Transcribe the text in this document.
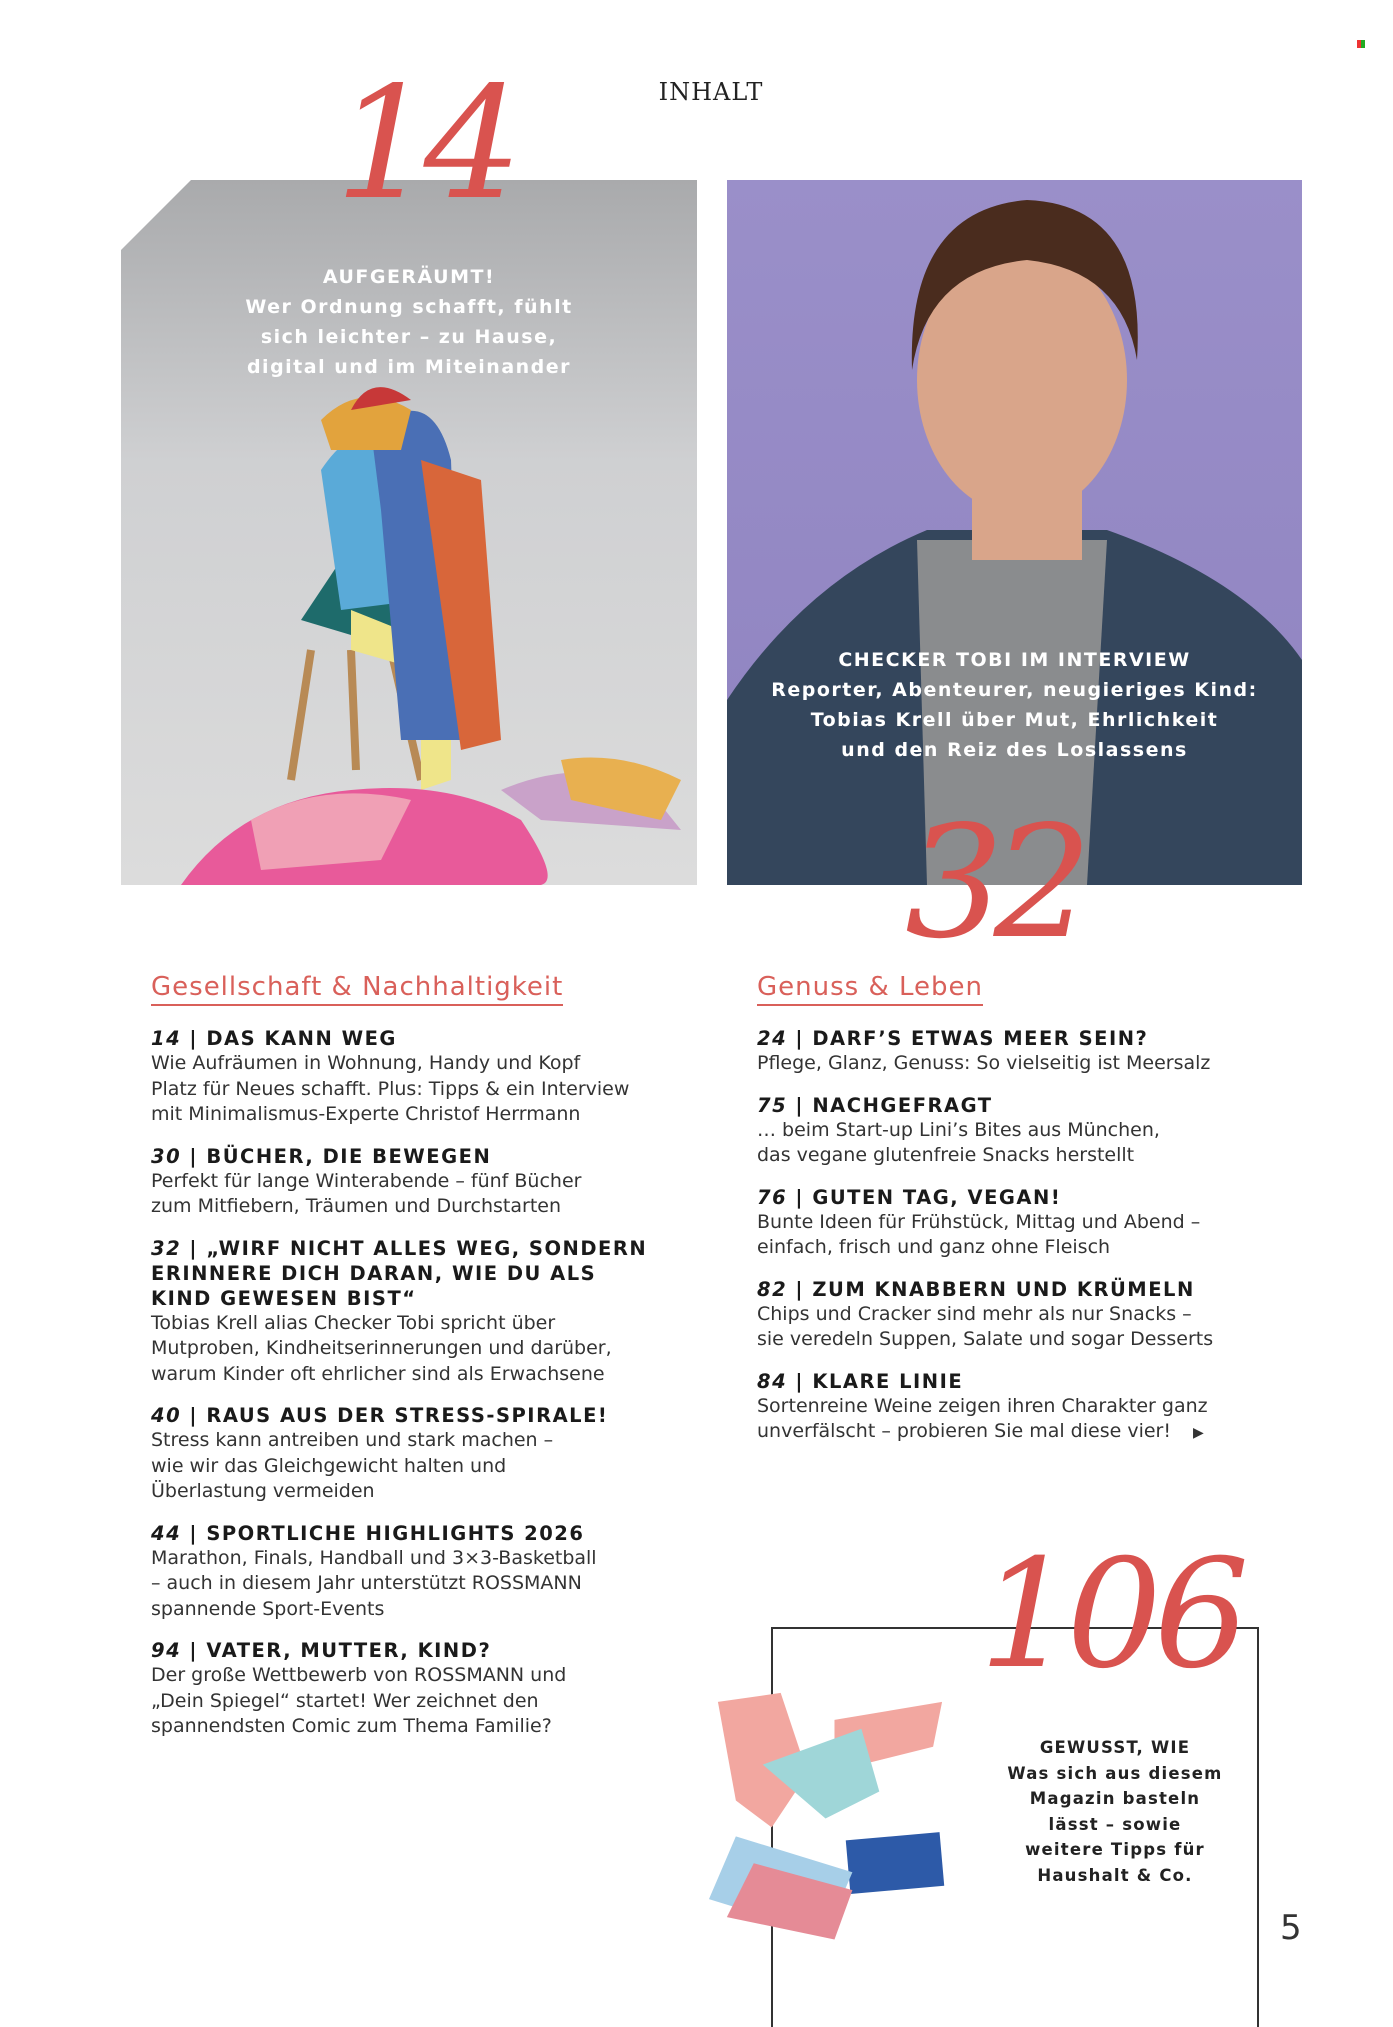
INHALT
AUFGERÄUMT!
Wer Ordnung schafft, fühlt
sich leichter – zu Hause,
digital und im Miteinander
14
CHECKER TOBI IM INTERVIEW
Reporter, Abenteurer, neugieriges Kind:
Tobias Krell über Mut, Ehrlichkeit
und den Reiz des Loslassens
32
Gesellschaft & Nachhaltigkeit
14 | DAS KANN WEG
Wie Aufräumen in Wohnung, Handy und Kopf
Platz für Neues schafft. Plus: Tipps & ein Interview
mit Minimalismus-Experte Christof Herrmann
30 | BÜCHER, DIE BEWEGEN
Perfekt für lange Winterabende – fünf Bücher
zum Mitfiebern, Träumen und Durchstarten
32 | „WIRF NICHT ALLES WEG, SONDERN ERINNERE DICH DARAN, WIE DU ALS KIND GEWESEN BIST“
Tobias Krell alias Checker Tobi spricht über
Mutproben, Kindheitserinnerungen und darüber,
warum Kinder oft ehrlicher sind als Erwachsene
40 | RAUS AUS DER STRESS-SPIRALE!
Stress kann antreiben und stark machen –
wie wir das Gleichgewicht halten und
Überlastung vermeiden
44 | SPORTLICHE HIGHLIGHTS 2026
Marathon, Finals, Handball und 3×3-Basketball
– auch in diesem Jahr unterstützt ROSSMANN
spannende Sport-Events
94 | VATER, MUTTER, KIND?
Der große Wettbewerb von ROSSMANN und
„Dein Spiegel“ startet! Wer zeichnet den
spannendsten Comic zum Thema Familie?
Genuss & Leben
24 | DARF’S ETWAS MEER SEIN?
Pflege, Glanz, Genuss: So vielseitig ist Meersalz
75 | NACHGEFRAGT
… beim Start-up Lini’s Bites aus München,
das vegane glutenfreie Snacks herstellt
76 | GUTEN TAG, VEGAN!
Bunte Ideen für Frühstück, Mittag und Abend –
einfach, frisch und ganz ohne Fleisch
82 | ZUM KNABBERN UND KRÜMELN
Chips und Cracker sind mehr als nur Snacks –
sie veredeln Suppen, Salate und sogar Desserts
84 | KLARE LINIE
Sortenreine Weine zeigen ihren Charakter ganz
unverfälscht – probieren Sie mal diese vier! ▶
106
GEWUSST, WIE
Was sich aus diesem
Magazin basteln
lässt – sowie
weitere Tipps für
Haushalt & Co.
5
